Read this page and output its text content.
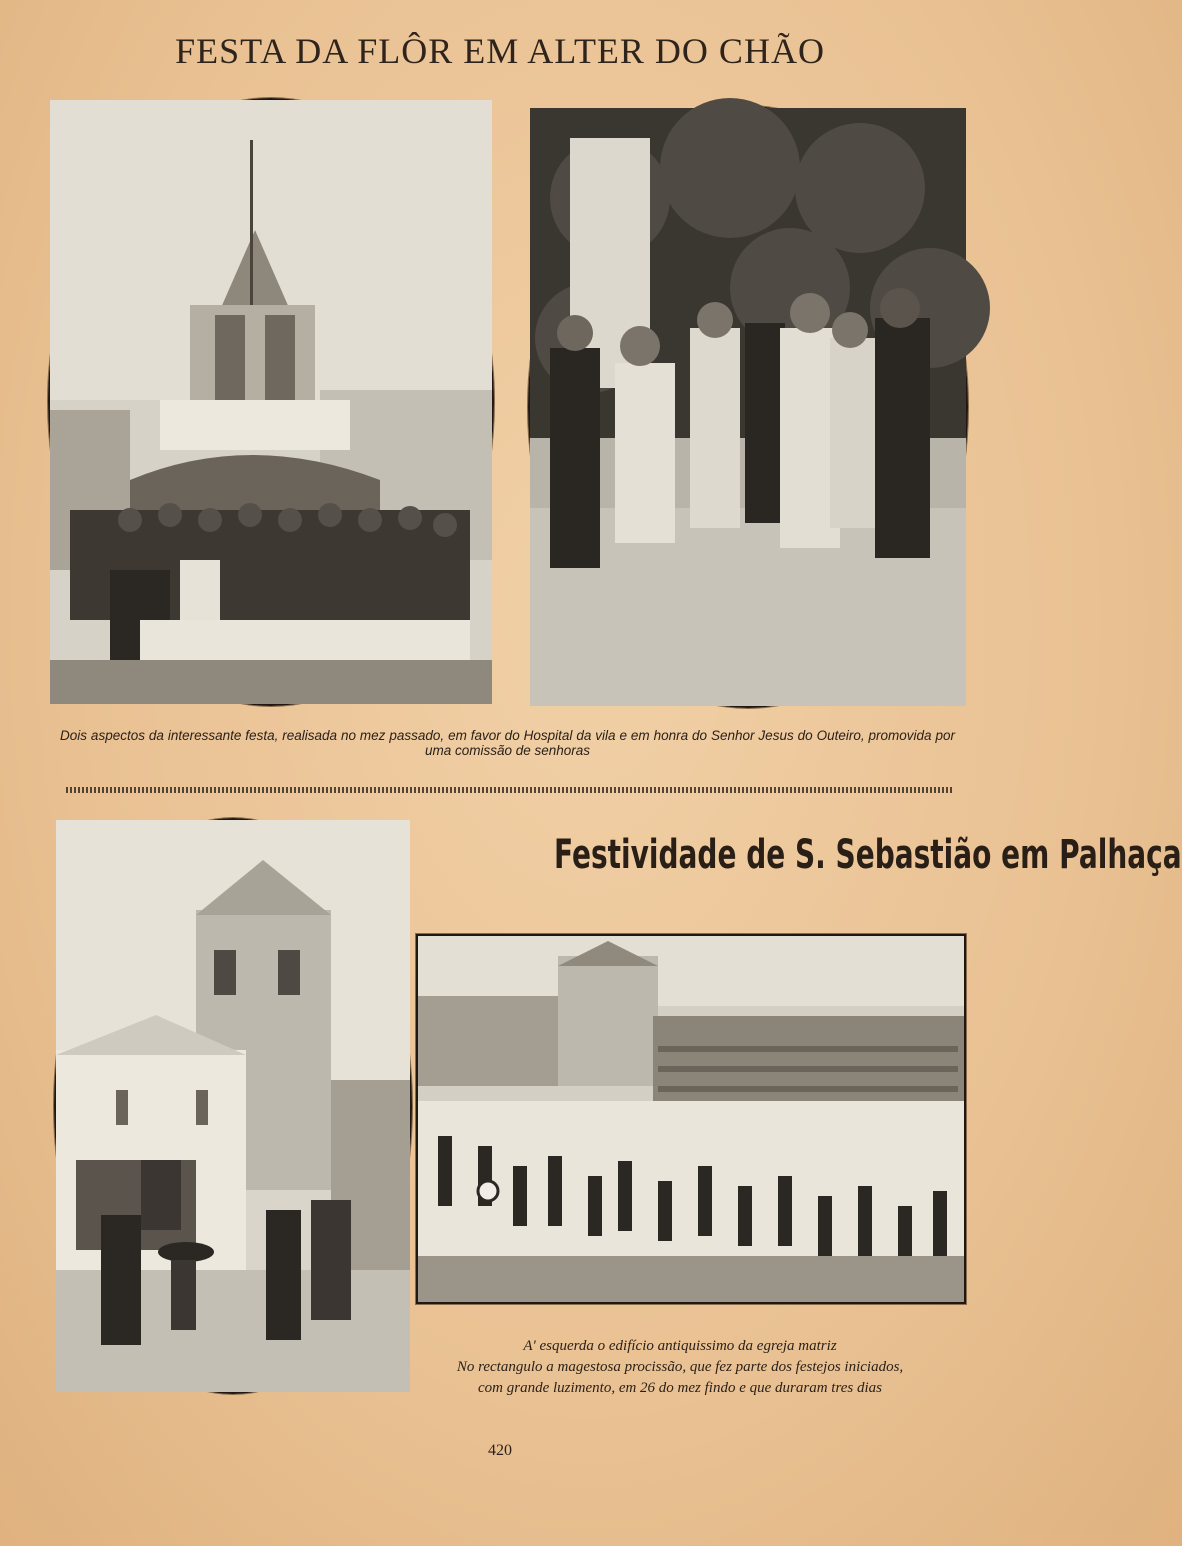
FESTA DA FLÔR EM ALTER DO CHÃO
Dois aspectos da interessante festa, realisada no mez passado, em favor do Hospital da vila e em honra do Senhor Jesus do Outeiro, promovida por uma comissão de senhoras
Festividade de S. Sebastião em Palhaça
A' esquerda o edifício antiquissimo da egreja matriz
No rectangulo a magestosa procissão, que fez parte dos festejos iniciados,
com grande luzimento, em 26 do mez findo e que duraram tres dias
420
